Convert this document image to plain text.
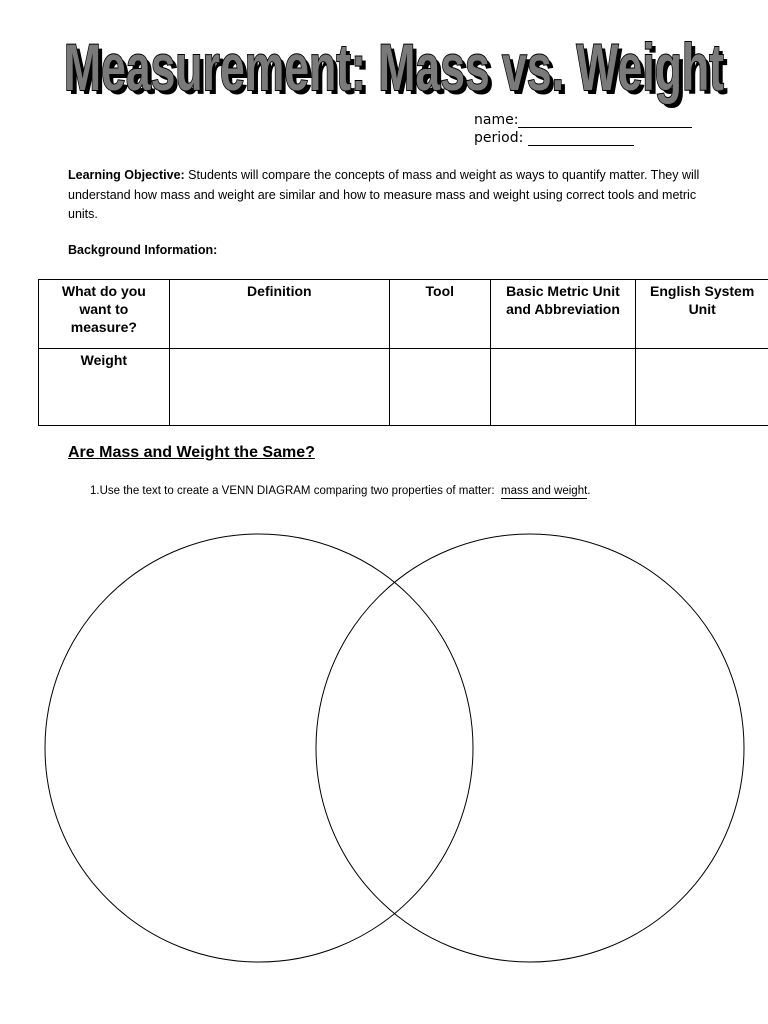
Measurement: Mass vs. Weight
Measurement: Mass vs. Weight
name:
period:
Learning Objective: Students will compare the concepts of mass and weight as ways to quantify matter. They will understand how mass and weight are similar and how to measure mass and weight using correct tools and metric units.
Background Information:
What do you want to measure?	Definition	Tool	Basic Metric Unit and Abbreviation	English System Unit
Weight				
Are Mass and Weight the Same?
1.Use the text to create a VENN DIAGRAM comparing two properties of matter: mass and weight.
